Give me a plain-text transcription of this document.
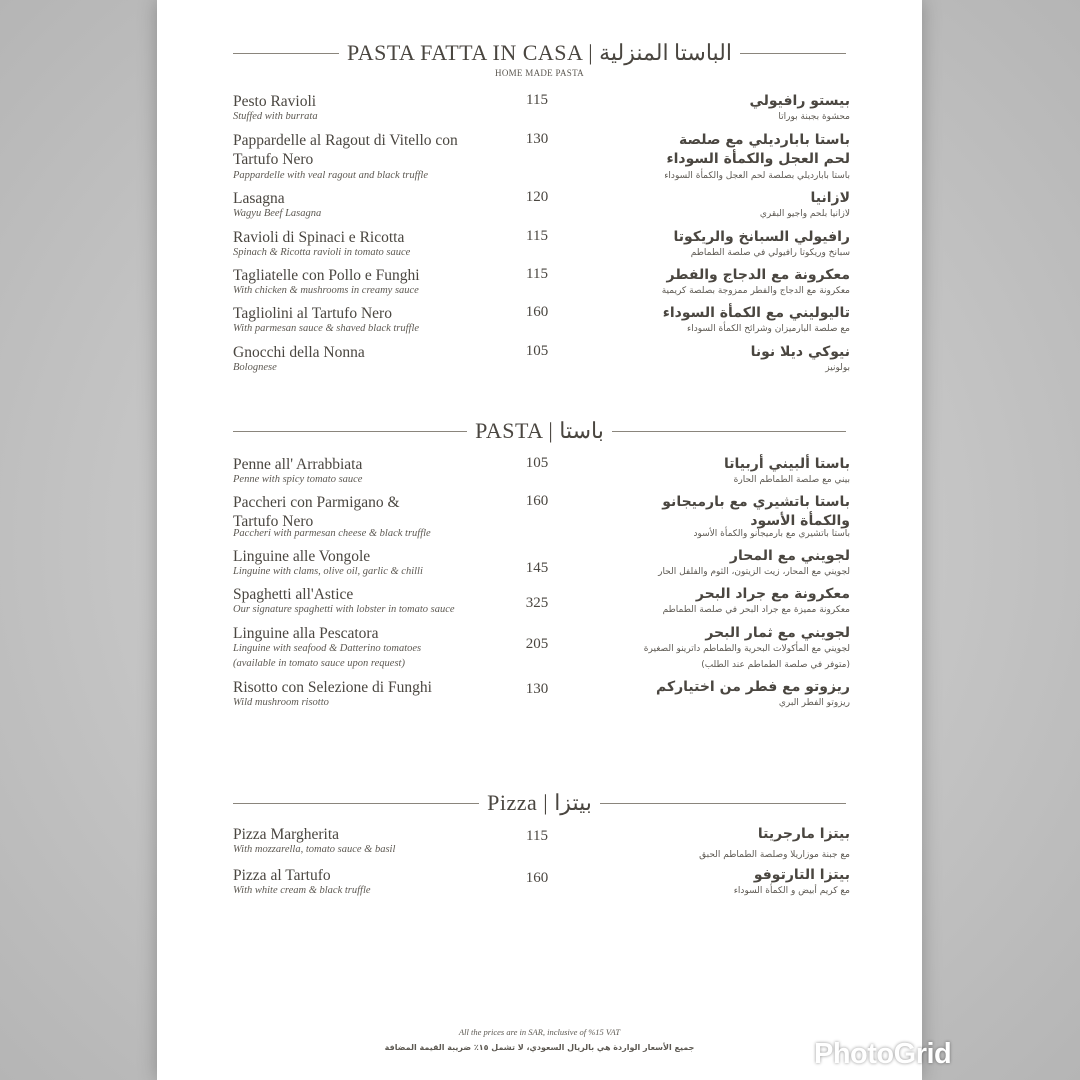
PASTA FATTA IN CASA | الباستا المنزلية
HOME MADE PASTA
Pesto Ravioli
Stuffed with burrata
115	بيستو رافيولي
محشوة بجبنة بوراتا
Pappardelle al Ragout di Vitello con Tartufo Nero
Pappardelle with veal ragout and black truffle
130	باستا باباردیلي مع صلصة لحم العجل والكمأة السوداء
باستا باباردیلي بصلصة لحم العجل والكمأة السوداء
Lasagna
Wagyu Beef Lasagna
120	لازانيا
لازانيا بلحم واجيو البقري
Ravioli di Spinaci e Ricotta
Spinach & Ricotta ravioli in tomato sauce
115	رافيولي السبانخ والريكوتا
سبانخ وريكوتا رافيولي في صلصة الطماطم
Tagliatelle con Pollo e Funghi
With chicken & mushrooms in creamy sauce
115	معكرونة مع الدجاج والفطر
معكرونة مع الدجاج والفطر ممزوجة بصلصة كريمية
Tagliolini al Tartufo Nero
With parmesan sauce & shaved black truffle
160	تاليوليني مع الكمأة السوداء
مع صلصة البارميزان وشرائح الكمأة السوداء
Gnocchi della Nonna
Bolognese
105	نيوكي ديلا نونا
بولونيز
PASTA | باستا
Penne all' Arrabbiata
Penne with spicy tomato sauce
105	باستا ألبيني أربياتا
بيني مع صلصة الطماطم الحارة
Paccheri con Parmigano & Tartufo Nero
Paccheri with parmesan cheese & black truffle
160	باستا باتشيري مع بارميجانو والكمأة الأسود
باستا باتشيري مع بارميجانو والكمأة الأسود
Linguine alle Vongole
Linguine with clams, olive oil, garlic & chilli	145
لجويني مع المحار
لجويني مع المحار، زيت الزيتون، الثوم والفلفل الحار
Spaghetti all'Astice
Our signature spaghetti with lobster in tomato sauce	325
معكرونة مع جراد البحر
معكرونة مميزة مع جراد البحر في صلصة الطماطم
Linguine alla Pescatora
Linguine with seafood & Datterino tomatoes
(available in tomato sauce upon request)
205
لجويني مع ثمار البحر
لجويني مع المأكولات البحرية والطماطم داترينو الصغيرة
(متوفر في صلصة الطماطم عند الطلب)
Risotto con Selezione di Funghi
Wild mushroom risotto
130	ريزوتو مع فطر من اختياركم
ريزوتو الفطر البري
Pizza | بيتزا
Pizza Margherita
With mozzarella, tomato sauce & basil
115	بيتزا مارجريتا
مع جبنة موزاريلا وصلصة الطماطم الحبق
Pizza al Tartufo
With white cream & black truffle
160	بيتزا التارتوفو
مع كريم أبيض و الكمأة السوداء
All the prices are in SAR, inclusive of %15 VAT
جميع الأسعار الواردة هي بالريال السعودي، لا تشمل ١٥٪ ضريبة القيمة المضافة	PhotoGrid
